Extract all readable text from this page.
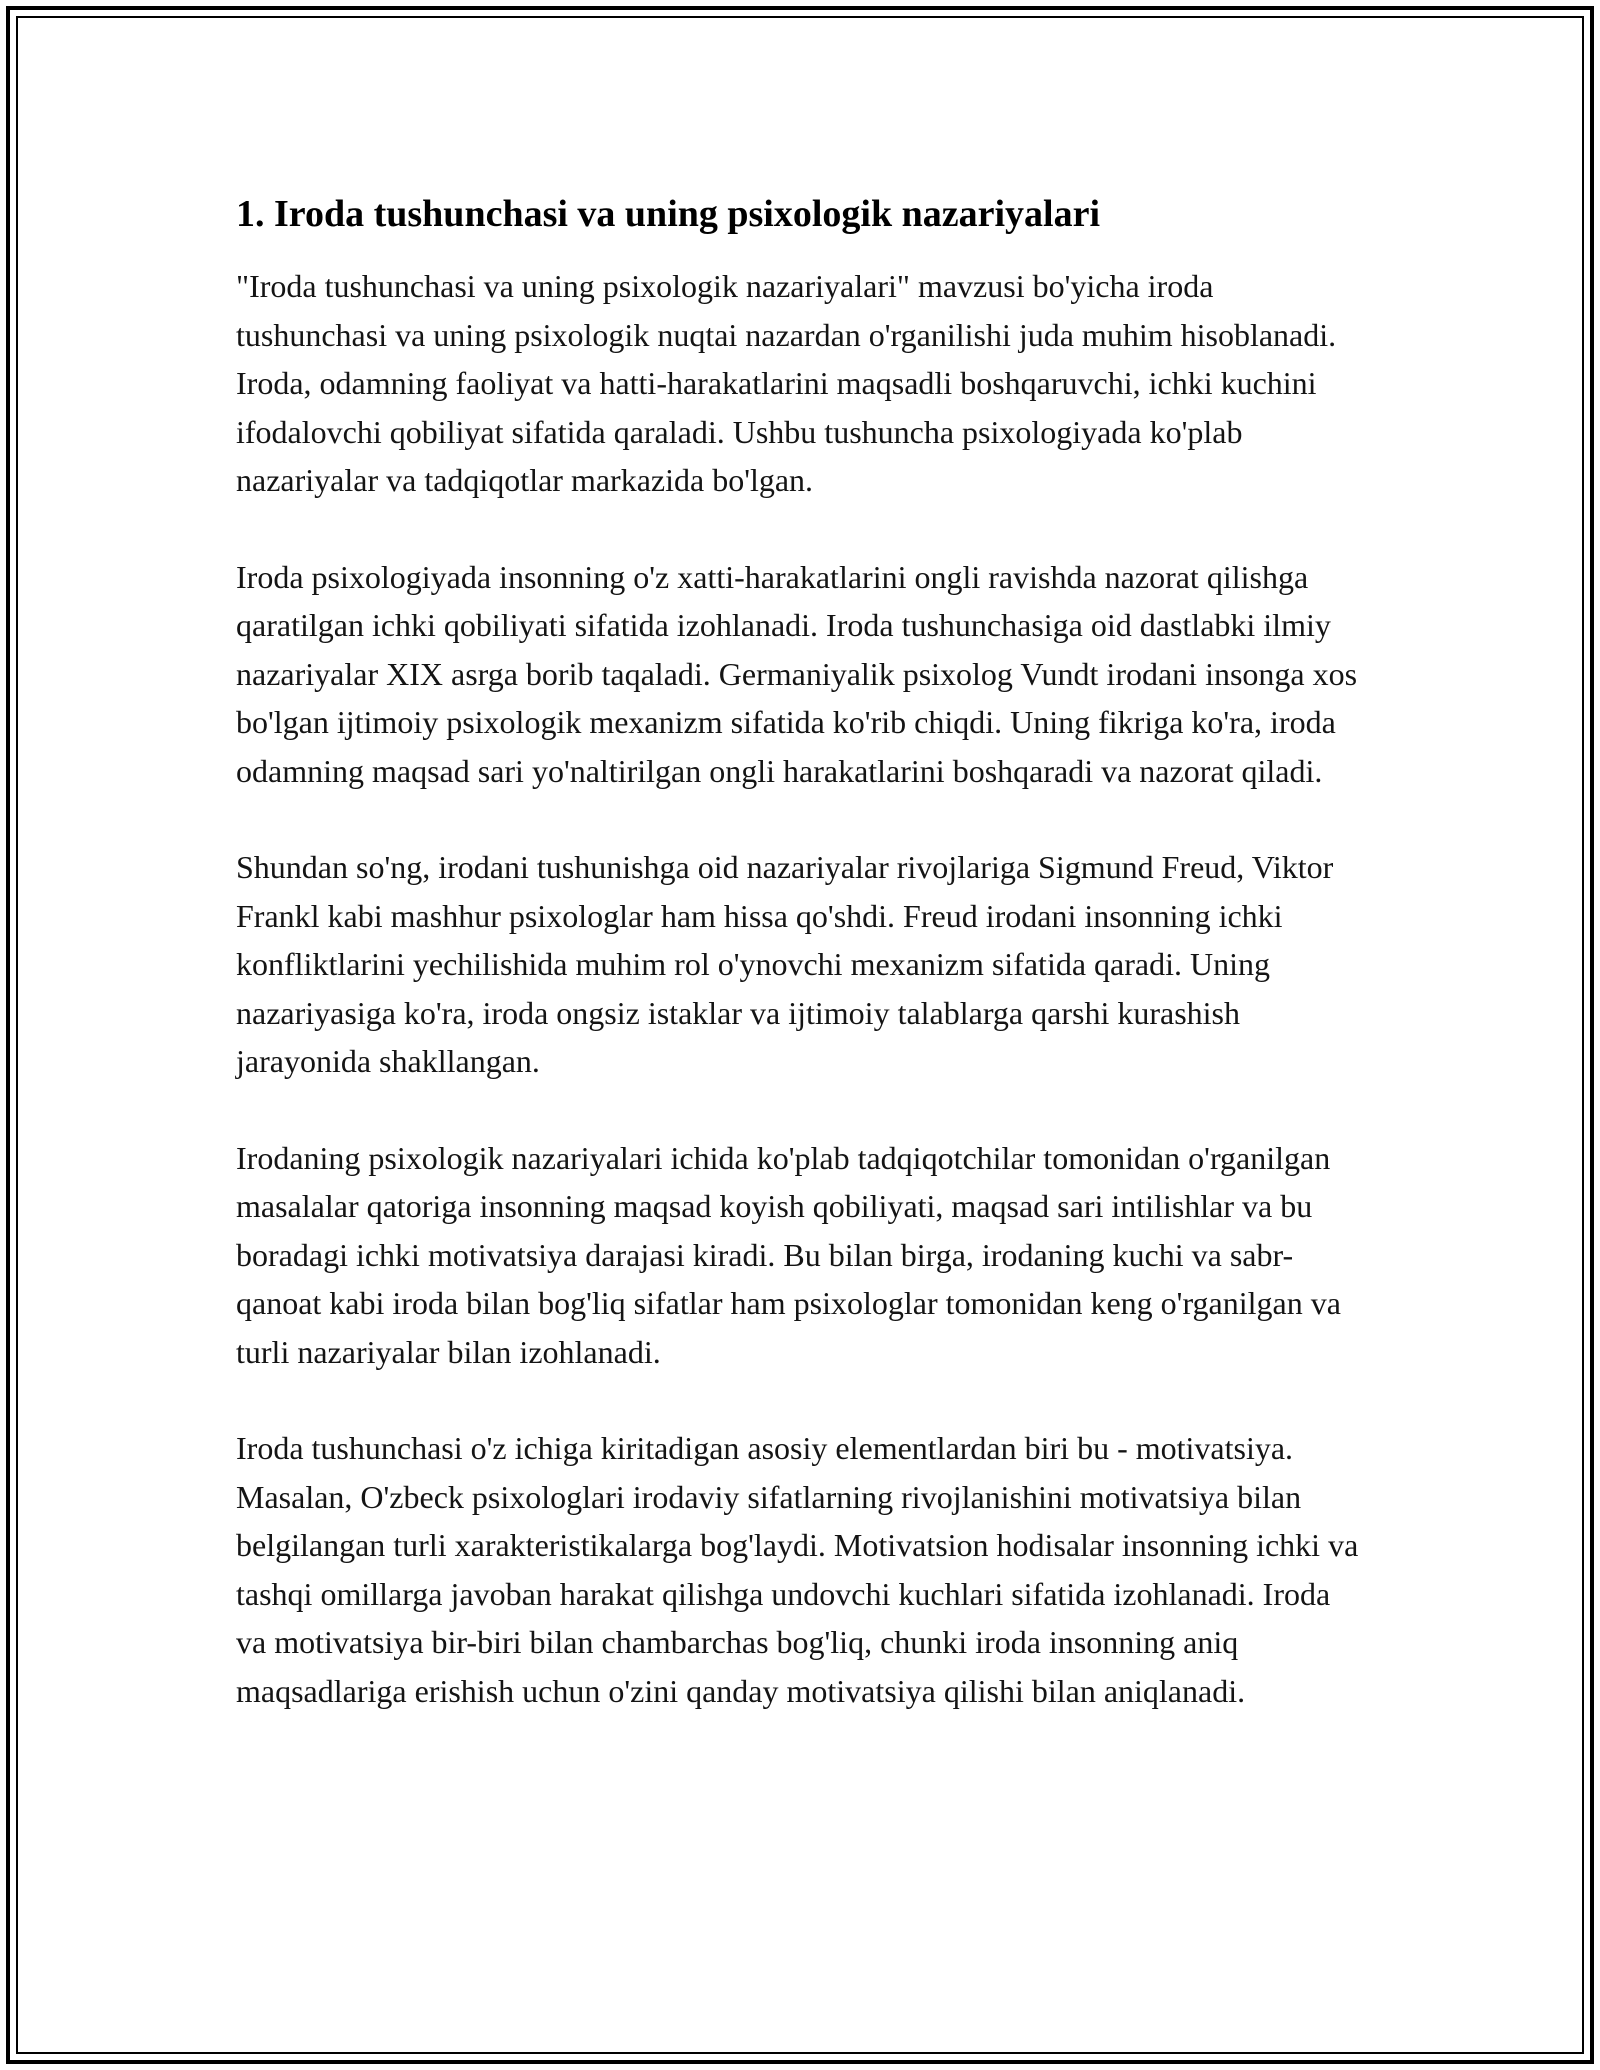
1. Iroda tushunchasi va uning psixologik nazariyalari

"Iroda tushunchasi va uning psixologik nazariyalari" mavzusi bo'yicha iroda tushunchasi va uning psixologik nuqtai nazardan o'rganilishi juda muhim hisoblanadi. Iroda, odamning faoliyat va hatti-harakatlarini maqsadli boshqaruvchi, ichki kuchini ifodalovchi qobiliyat sifatida qaraladi. Ushbu tushuncha psixologiyada ko'plab nazariyalar va tadqiqotlar markazida bo'lgan.

Iroda psixologiyada insonning o'z xatti-harakatlarini ongli ravishda nazorat qilishga qaratilgan ichki qobiliyati sifatida izohlanadi. Iroda tushunchasiga oid dastlabki ilmiy nazariyalar XIX asrga borib taqaladi. Germaniyalik psixolog Vundt irodani insonga xos bo'lgan ijtimoiy psixologik mexanizm sifatida ko'rib chiqdi. Uning fikriga ko'ra, iroda odamning maqsad sari yo'naltirilgan ongli harakatlarini boshqaradi va nazorat qiladi.

Shundan so'ng, irodani tushunishga oid nazariyalar rivojlariga Sigmund Freud, Viktor Frankl kabi mashhur psixologlar ham hissa qo'shdi. Freud irodani insonning ichki konfliktlarini yechilishida muhim rol o'ynovchi mexanizm sifatida qaradi. Uning nazariyasiga ko'ra, iroda ongsiz istaklar va ijtimoiy talablarga qarshi kurashish jarayonida shakllangan.

Irodaning psixologik nazariyalari ichida ko'plab tadqiqotchilar tomonidan o'rganilgan masalalar qatoriga insonning maqsad koyish qobiliyati, maqsad sari intilishlar va bu boradagi ichki motivatsiya darajasi kiradi. Bu bilan birga, irodaning kuchi va sabr-qanoat kabi iroda bilan bog'liq sifatlar ham psixologlar tomonidan keng o'rganilgan va turli nazariyalar bilan izohlanadi.

Iroda tushunchasi o'z ichiga kiritadigan asosiy elementlardan biri bu - motivatsiya. Masalan, O'zbeck psixologlari irodaviy sifatlarning rivojlanishini motivatsiya bilan belgilangan turli xarakteristikalarga bog'laydi. Motivatsion hodisalar insonning ichki va tashqi omillarga javoban harakat qilishga undovchi kuchlari sifatida izohlanadi. Iroda va motivatsiya bir-biri bilan chambarchas bog'liq, chunki iroda insonning aniq maqsadlariga erishish uchun o'zini qanday motivatsiya qilishi bilan aniqlanadi.
